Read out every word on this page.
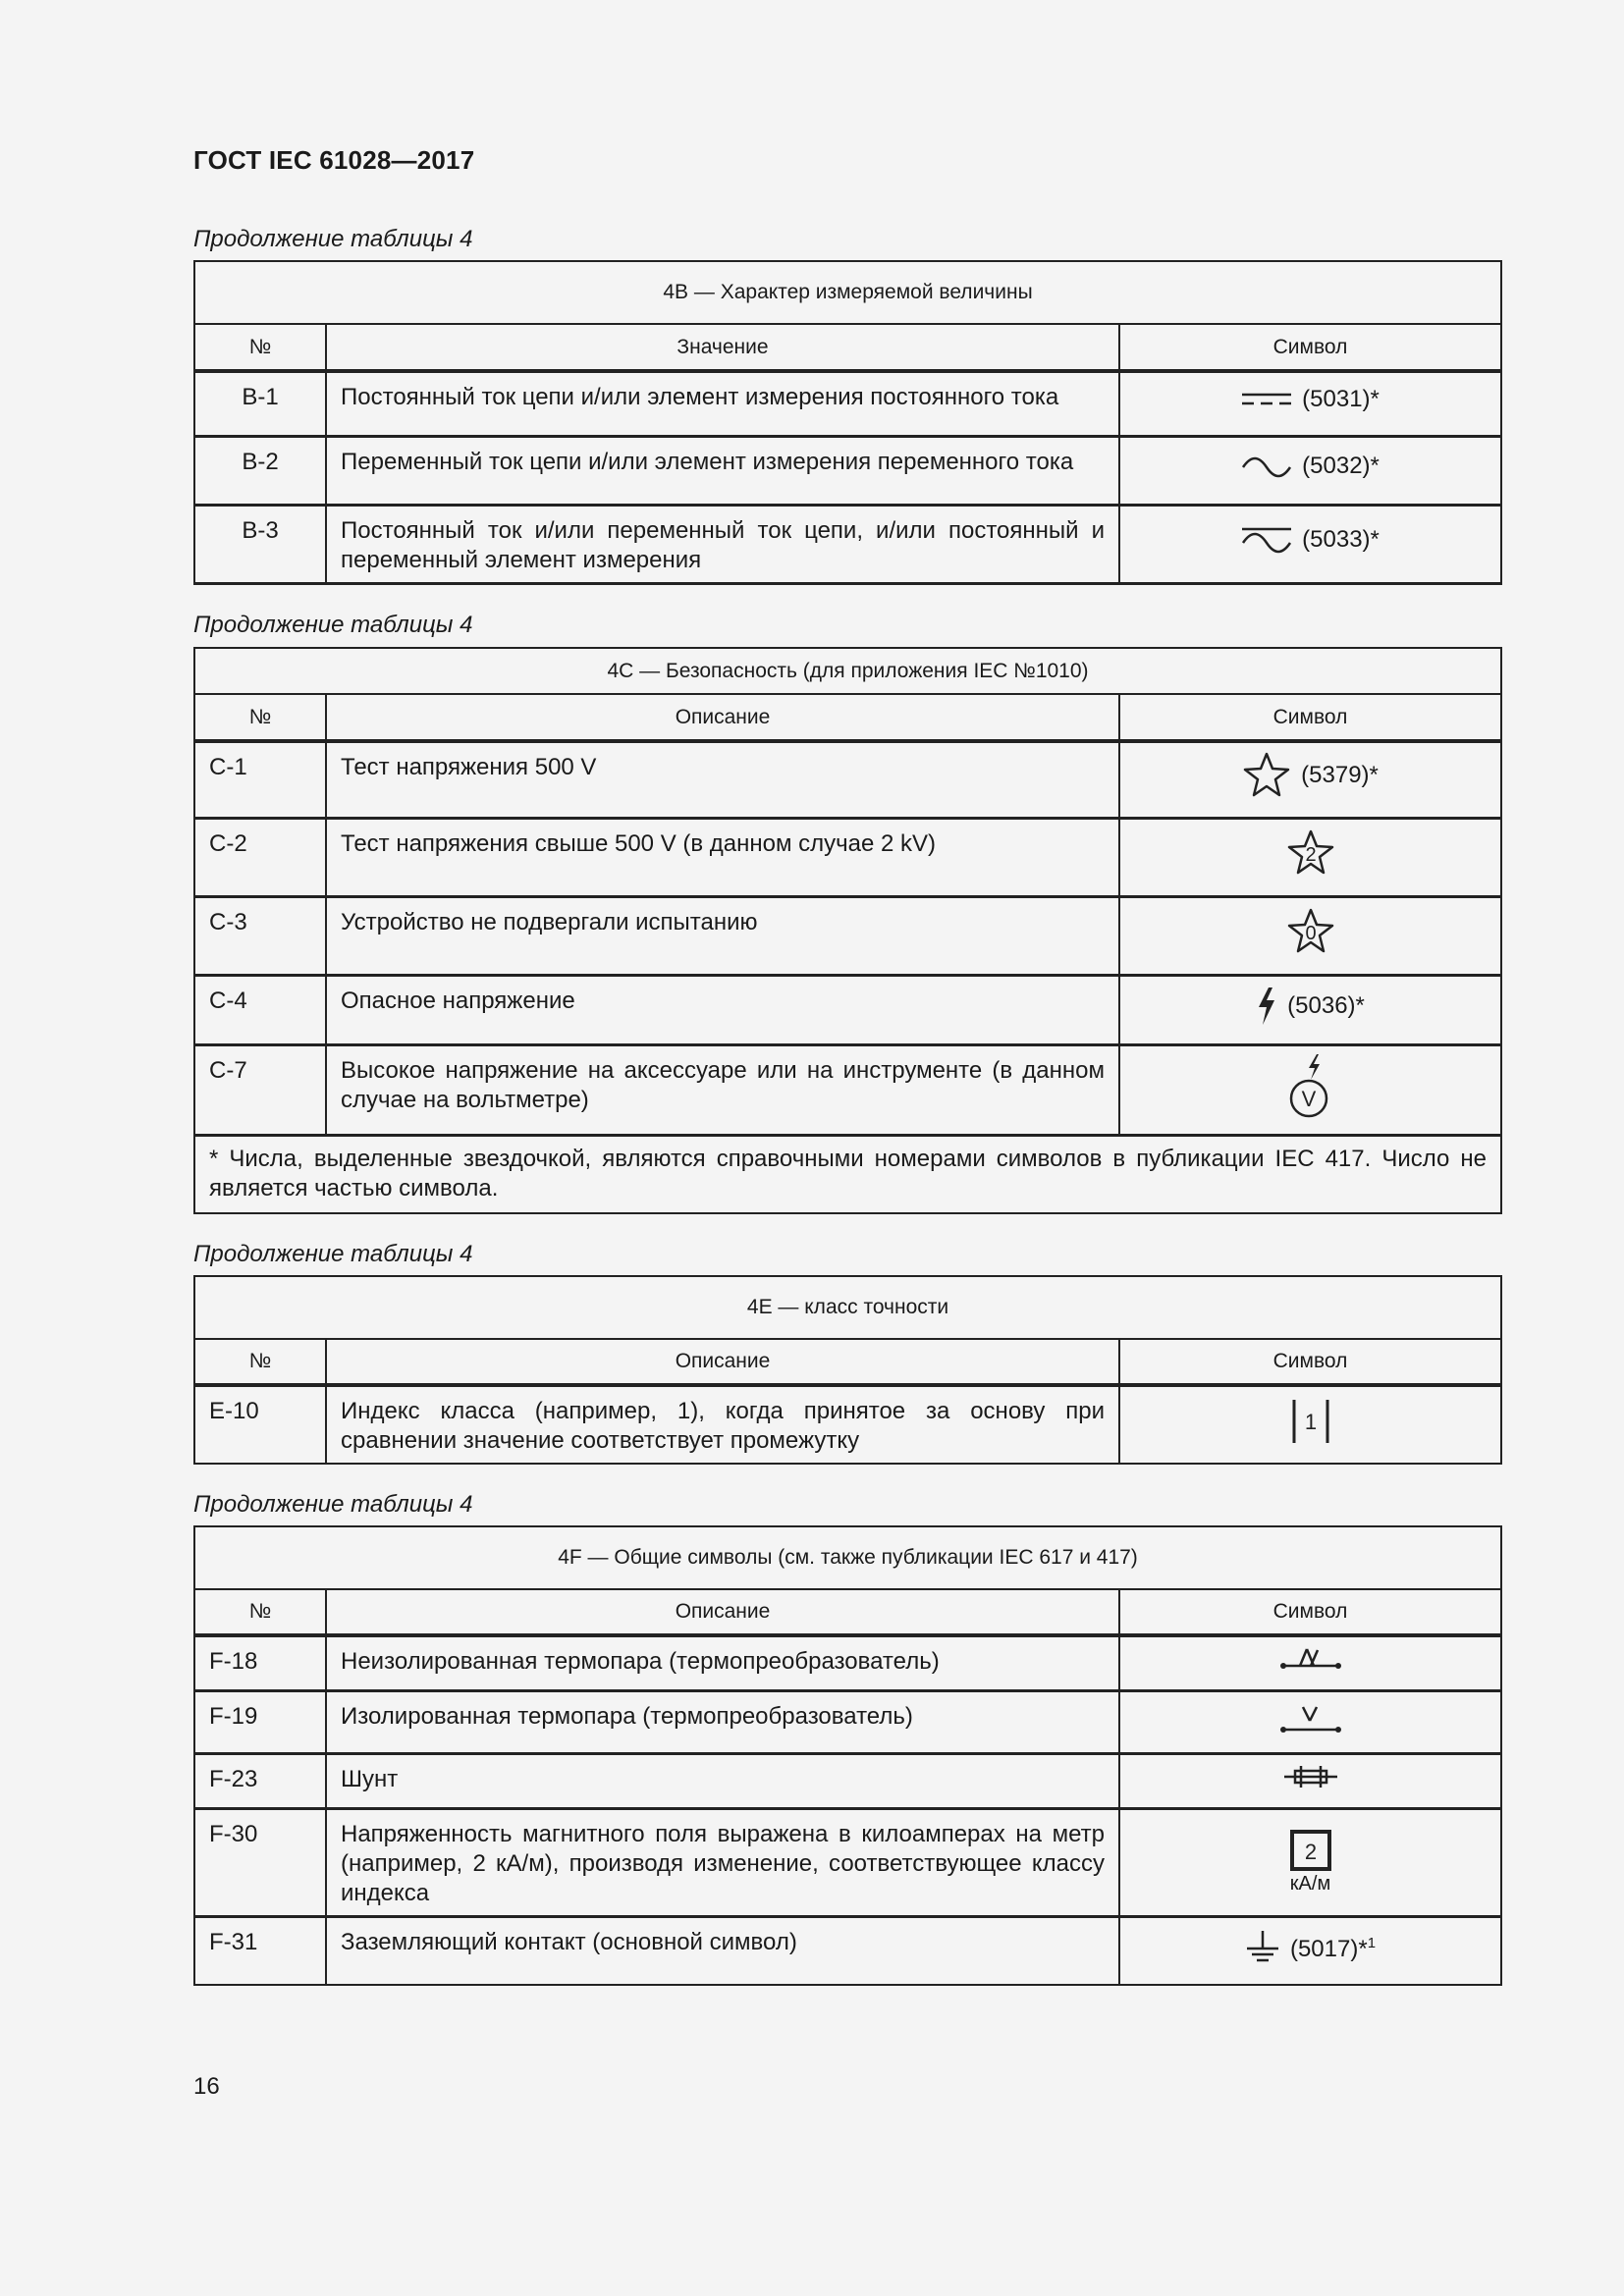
ГОСТ IEC 61028—2017
Продолжение таблицы 4
4B — Характер измеряемой величины		
№	Значение	Символ
B-1	Постоянный ток цепи и/или элемент измерения постоянного тока	(5031)*

B-2	Переменный ток цепи и/или элемент измерения переменного тока	(5032)*

B-3	Постоянный ток и/или переменный ток цепи, и/или постоянный и переменный элемент измерения	(5033)*
Продолжение таблицы 4
4C — Безопасность (для приложения IEC №1010)		
№	Описание	Символ
C-1	Тест напряжения 500 V	(5379)*

C-2	Тест напряжения свыше 500 V (в данном случае 2 kV)	2

C-3	Устройство не подвергали испытанию	0

C-4	Опасное напряжение	(5036)*

C-7	Высокое напряжение на аксессуаре или на инструменте (в данном случае на вольтметре)	V

* Числа, выделенные звездочкой, являются справочными номерами символов в публикации IEC 417. Число не является частью символа.		
Продолжение таблицы 4
4E — класс точности		
№	Описание	Символ
E-10	Индекс класса (например, 1), когда принятое за основу при сравнении значение соответствует промежутку	1
Продолжение таблицы 4
4F — Общие символы (см. также публикации IEC 617 и 417)		
№	Описание	Символ
F-18	Неизолированная термопара (термопреобразователь)	

F-19	Изолированная термопара (термопреобразователь)	

F-23	Шунт	

F-30	Напряженность магнитного поля выражена в килоамперах на метр (например, 2 кА/м), производя изменение, соответствующее классу индекса	2
кА/м

F-31	Заземляющий контакт (основной символ)	(5017)*$^1$
16
